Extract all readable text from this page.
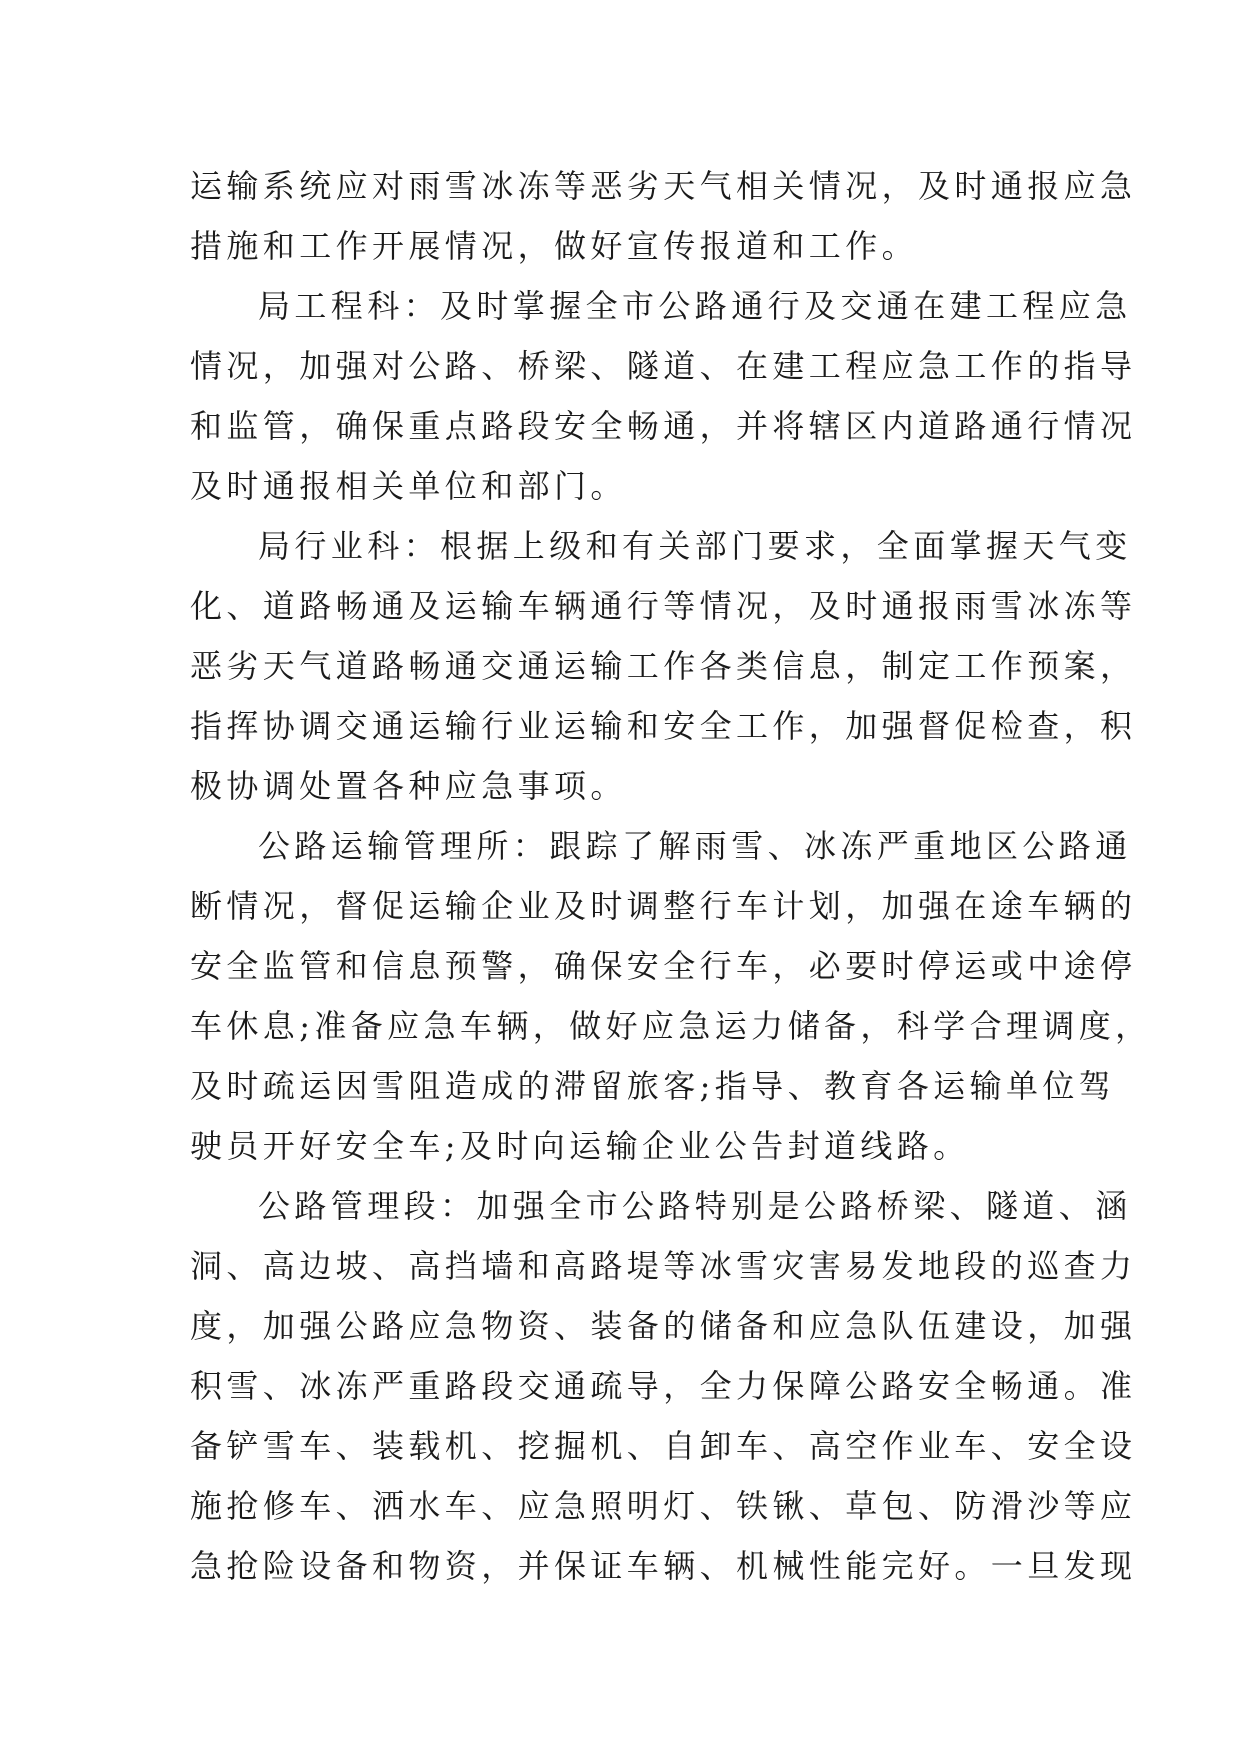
运输系统应对雨雪冰冻等恶劣天气相关情况，及时通报应急
措施和工作开展情况，做好宣传报道和工作。
局工程科：及时掌握全市公路通行及交通在建工程应急
情况，加强对公路、桥梁、隧道、在建工程应急工作的指导
和监管，确保重点路段安全畅通，并将辖区内道路通行情况
及时通报相关单位和部门。
局行业科：根据上级和有关部门要求，全面掌握天气变
化、道路畅通及运输车辆通行等情况，及时通报雨雪冰冻等
恶劣天气道路畅通交通运输工作各类信息，制定工作预案，
指挥协调交通运输行业运输和安全工作，加强督促检查，积
极协调处置各种应急事项。
公路运输管理所：跟踪了解雨雪、冰冻严重地区公路通
断情况，督促运输企业及时调整行车计划，加强在途车辆的
安全监管和信息预警，确保安全行车，必要时停运或中途停
车休息;准备应急车辆，做好应急运力储备，科学合理调度，
及时疏运因雪阻造成的滞留旅客;指导、教育各运输单位驾
驶员开好安全车;及时向运输企业公告封道线路。
公路管理段：加强全市公路特别是公路桥梁、隧道、涵
洞、高边坡、高挡墙和高路堤等冰雪灾害易发地段的巡查力
度，加强公路应急物资、装备的储备和应急队伍建设，加强
积雪、冰冻严重路段交通疏导，全力保障公路安全畅通。准
备铲雪车、装载机、挖掘机、自卸车、高空作业车、安全设
施抢修车、洒水车、应急照明灯、铁锹、草包、防滑沙等应
急抢险设备和物资，并保证车辆、机械性能完好。一旦发现
